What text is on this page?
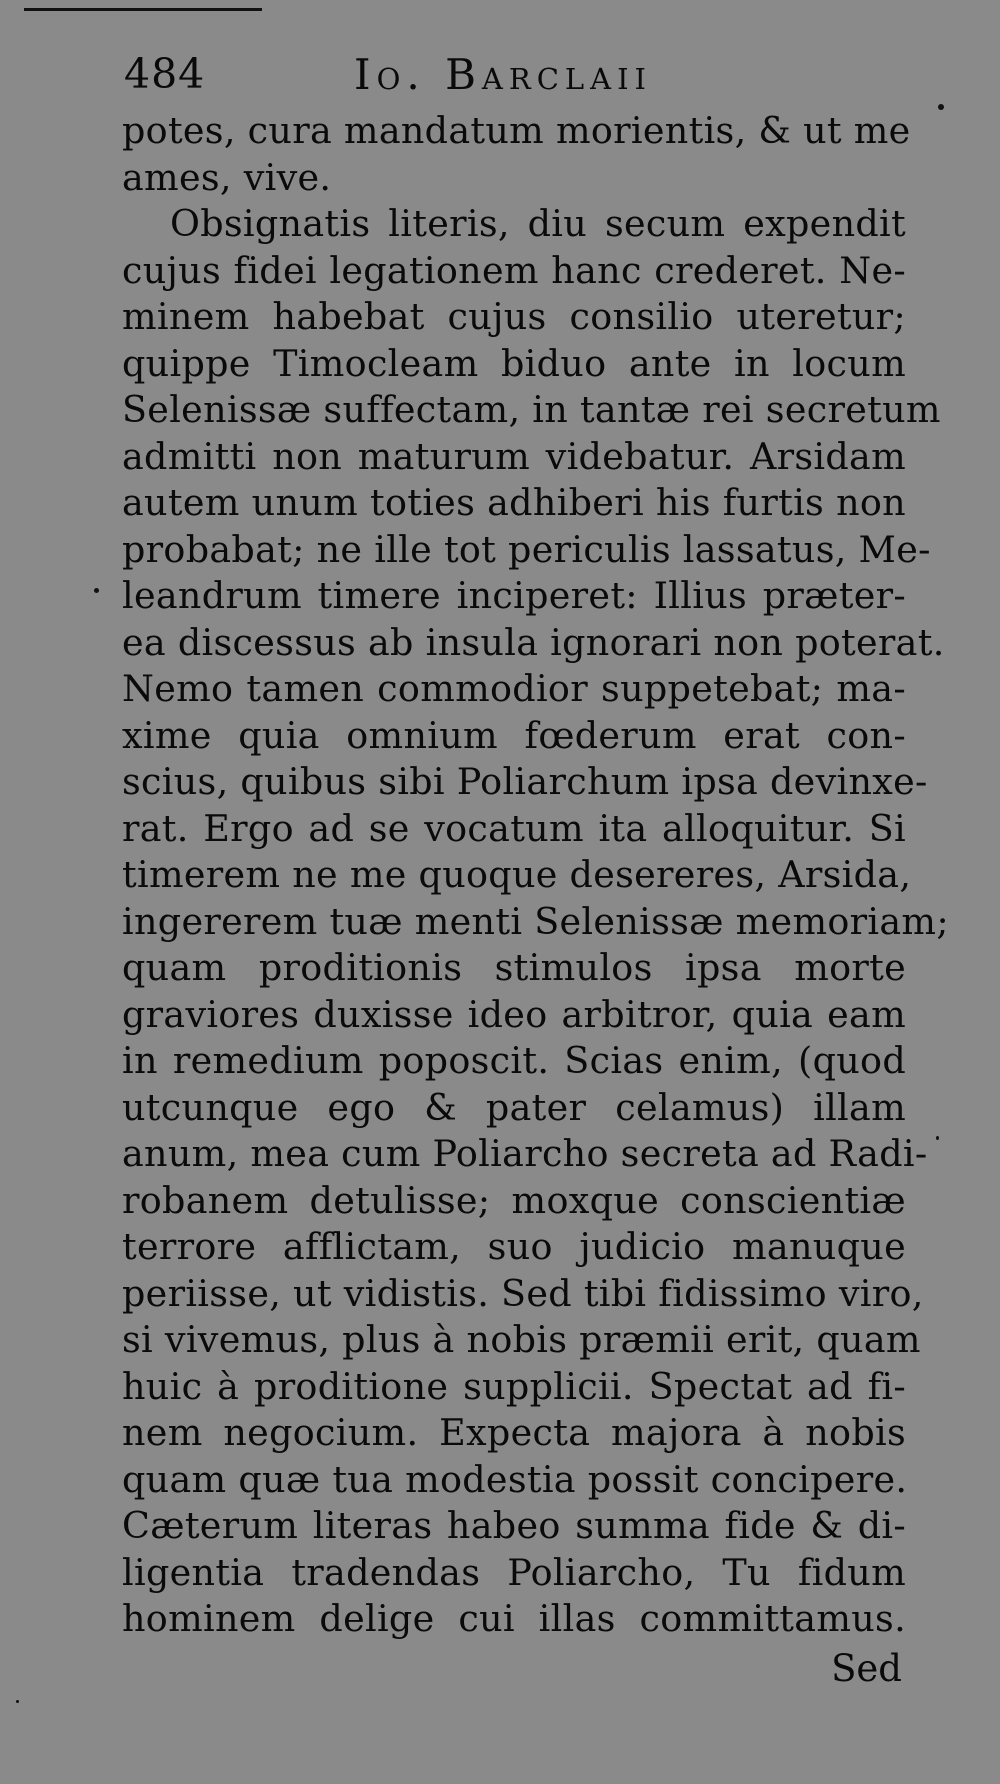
484	Io. Barclaii
potes, cura mandatum morientis, & ut me
ames, vive.
Obsignatis literis, diu secum expendit
cujus fidei legationem hanc crederet. Ne-
minem habebat cujus consilio uteretur;
quippe Timocleam biduo ante in locum
Selenissæ suffectam, in tantæ rei secretum
admitti non maturum videbatur. Arsidam
autem unum toties adhiberi his furtis non
probabat; ne ille tot periculis lassatus, Me-
leandrum timere inciperet: Illius præter-
ea discessus ab insula ignorari non poterat.
Nemo tamen commodior suppetebat; ma-
xime quia omnium fœderum erat con-
scius, quibus sibi Poliarchum ipsa devinxe-
rat. Ergo ad se vocatum ita alloquitur. Si
timerem ne me quoque desereres, Arsida,
ingererem tuæ menti Selenissæ memoriam;
quam proditionis stimulos ipsa morte
graviores duxisse ideo arbitror, quia eam
in remedium poposcit. Scias enim, (quod
utcunque ego & pater celamus) illam
anum, mea cum Poliarcho secreta ad Radi-
robanem detulisse; moxque conscientiæ
terrore afflictam, suo judicio manuque
periisse, ut vidistis. Sed tibi fidissimo viro,
si vivemus, plus à nobis præmii erit, quam
huic à proditione supplicii. Spectat ad fi-
nem negocium. Expecta majora à nobis
quam quæ tua modestia possit concipere.
Cæterum literas habeo summa fide & di-
ligentia tradendas Poliarcho, Tu fidum
hominem delige cui illas committamus.
Sed
